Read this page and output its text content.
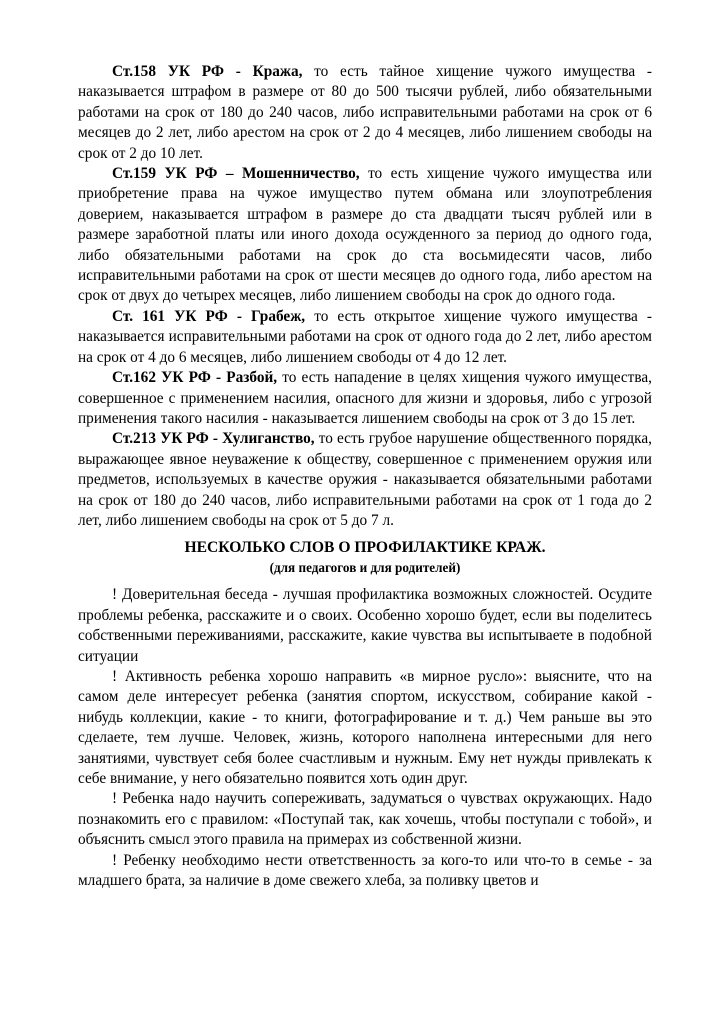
Ст.158 УК РФ - Кража, то есть тайное хищение чужого имущества - наказывается штрафом в размере от 80 до 500 тысячи рублей, либо обязательными работами на срок от 180 до 240 часов, либо исправительными работами на срок от 6 месяцев до 2 лет, либо арестом на срок от 2 до 4 месяцев, либо лишением свободы на срок от 2 до 10 лет.

Ст.159 УК РФ – Мошенничество, то есть хищение чужого имущества или приобретение права на чужое имущество путем обмана или злоупотребления доверием, наказывается штрафом в размере до ста двадцати тысяч рублей или в размере заработной платы или иного дохода осужденного за период до одного года, либо обязательными работами на срок до ста восьмидесяти часов, либо исправительными работами на срок от шести месяцев до одного года, либо арестом на срок от двух до четырех месяцев, либо лишением свободы на срок до одного года.

Ст. 161 УК РФ - Грабеж, то есть открытое хищение чужого имущества - наказывается исправительными работами на срок от одного года до 2 лет, либо арестом на срок от 4 до 6 месяцев, либо лишением свободы от 4 до 12 лет.

Ст.162 УК РФ - Разбой, то есть нападение в целях хищения чужого имущества, совершенное с применением насилия, опасного для жизни и здоровья, либо с угрозой применения такого насилия - наказывается лишением свободы на срок от 3 до 15 лет.

Ст.213 УК РФ - Хулиганство, то есть грубое нарушение общественного порядка, выражающее явное неуважение к обществу, совершенное с применением оружия или предметов, используемых в качестве оружия - наказывается обязательными работами на срок от 180 до 240 часов, либо исправительными работами на срок от 1 года до 2 лет, либо лишением свободы на срок от 5 до 7 л.

НЕСКОЛЬКО СЛОВ О ПРОФИЛАКТИКЕ КРАЖ.

(для педагогов и для родителей)

! Доверительная беседа - лучшая профилактика возможных сложностей. Осудите проблемы ребенка, расскажите и о своих. Особенно хорошо будет, если вы поделитесь собственными переживаниями, расскажите, какие чувства вы испытываете в подобной ситуации

! Активность ребенка хорошо направить «в мирное русло»: выясните, что на самом деле интересует ребенка (занятия спортом, искусством, собирание какой - нибудь коллекции, какие - то книги, фотографирование и т. д.) Чем раньше вы это сделаете, тем лучше. Человек, жизнь, которого наполнена интересными для него занятиями, чувствует себя более счастливым и нужным. Ему нет нужды привлекать к себе внимание, у него обязательно появится хоть один друг.

! Ребенка надо научить сопереживать, задуматься о чувствах окружающих. Надо познакомить его с правилом: «Поступай так, как хочешь, чтобы поступали с тобой», и объяснить смысл этого правила на примерах из собственной жизни.

! Ребенку необходимо нести ответственность за кого-то или что-то в семье - за младшего брата, за наличие в доме свежего хлеба, за поливку цветов и
